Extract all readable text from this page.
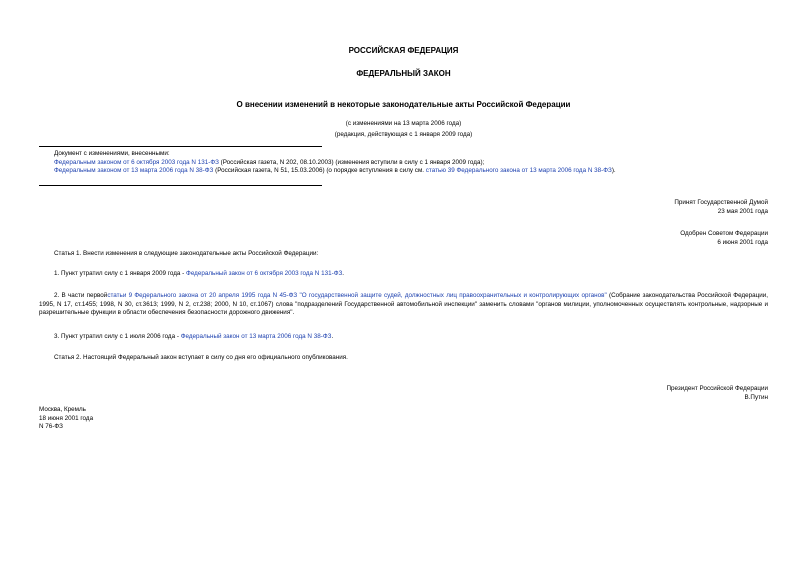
РОССИЙСКАЯ ФЕДЕРАЦИЯ
ФЕДЕРАЛЬНЫЙ ЗАКОН
О внесении изменений в некоторые законодательные акты Российской Федерации
(с изменениями на 13 марта 2006 года)
(редакция, действующая с 1 января 2009 года)
Документ с изменениями, внесенными:
Федеральным законом от 6 октября 2003 года N 131-ФЗ (Российская газета, N 202, 08.10.2003) (изменения вступили в силу с 1 января 2009 года);
Федеральным законом от 13 марта 2006 года N 38-ФЗ (Российская газета, N 51, 15.03.2006) (о порядке вступления в силу см. статью 39 Федерального закона от 13 марта 2006 года N 38-ФЗ).
Принят Государственной Думой
23 мая 2001 года
Одобрен Советом Федерации
6 июня 2001 года
Статья 1. Внести изменения в следующие законодательные акты Российской Федерации:
1. Пункт утратил силу с 1 января 2009 года - Федеральный закон от 6 октября 2003 года N 131-ФЗ.
2. В части первойстатьи 9 Федерального закона от 20 апреля 1995 года N 45-ФЗ "О государственной защите судей, должностных лиц правоохранительных и контролирующих органов" (Собрание законодательства Российской Федерации, 1995, N 17, ст.1455; 1998, N 30, ст.3613; 1999, N 2, ст.238; 2000, N 10, ст.1067) слова "подразделений Государственной автомобильной инспекции" заменить словами "органов милиции, уполномоченных осуществлять контрольные, надзорные и разрешительные функции в области обеспечения безопасности дорожного движения".
3. Пункт утратил силу с 1 июля 2006 года - Федеральный закон от 13 марта 2006 года N 38-ФЗ.
Статья 2. Настоящий Федеральный закон вступает в силу со дня его официального опубликования.
Президент Российской Федерации
В.Путин
Москва, Кремль
18 июня 2001 года
N 76-ФЗ
